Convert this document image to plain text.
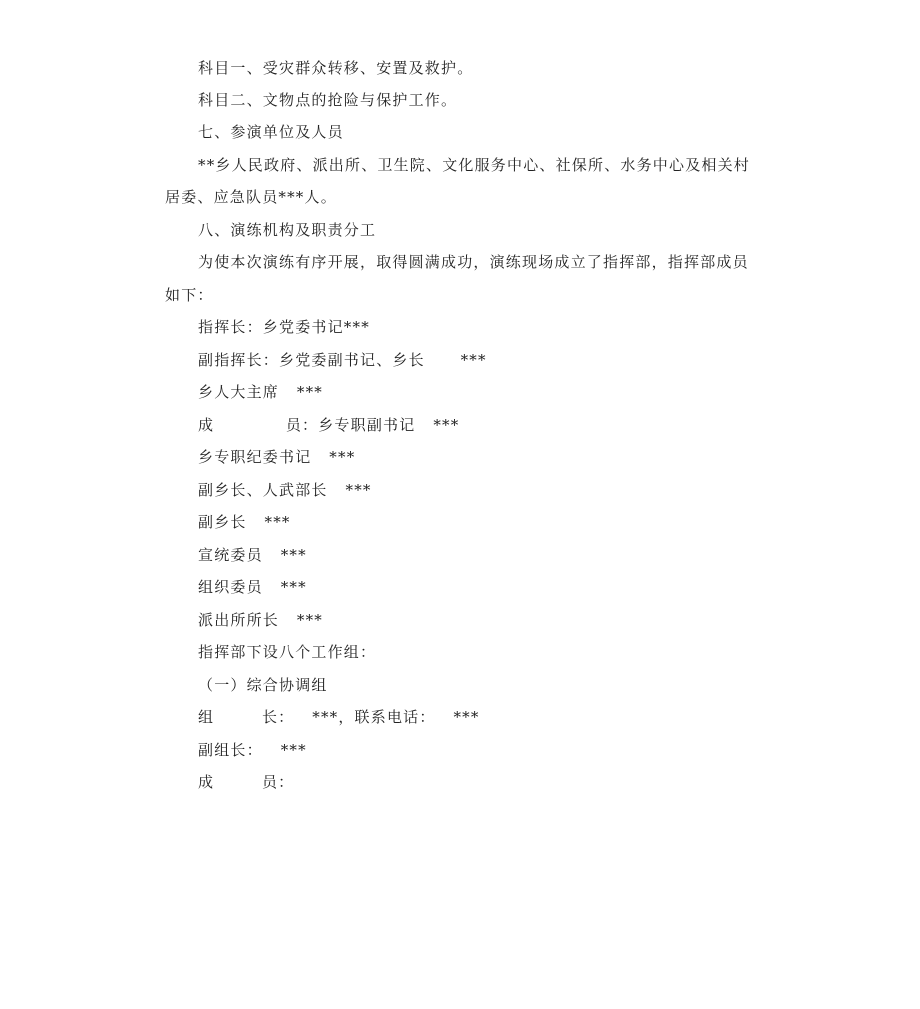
科目一、受灾群众转移、安置及救护。
科目二、文物点的抢险与保护工作。
七、参演单位及人员
**乡人民政府、派出所、卫生院、文化服务中心、社保所、水务中心及相关村
居委、应急队员***人。
八、演练机构及职责分工
为使本次演练有序开展，取得圆满成功，演练现场成立了指挥部，指挥部成员
如下：
指挥长：乡党委书记***
副指挥长：乡党委副书记、乡长      ***
乡人大主席   ***
成            员：乡专职副书记   ***
乡专职纪委书记   ***
副乡长、人武部长   ***
副乡长   ***
宣统委员   ***
组织委员   ***
派出所所长   ***
指挥部下设八个工作组：
（一）综合协调组
组        长：   ***，联系电话：   ***
副组长：   ***
成        员：
